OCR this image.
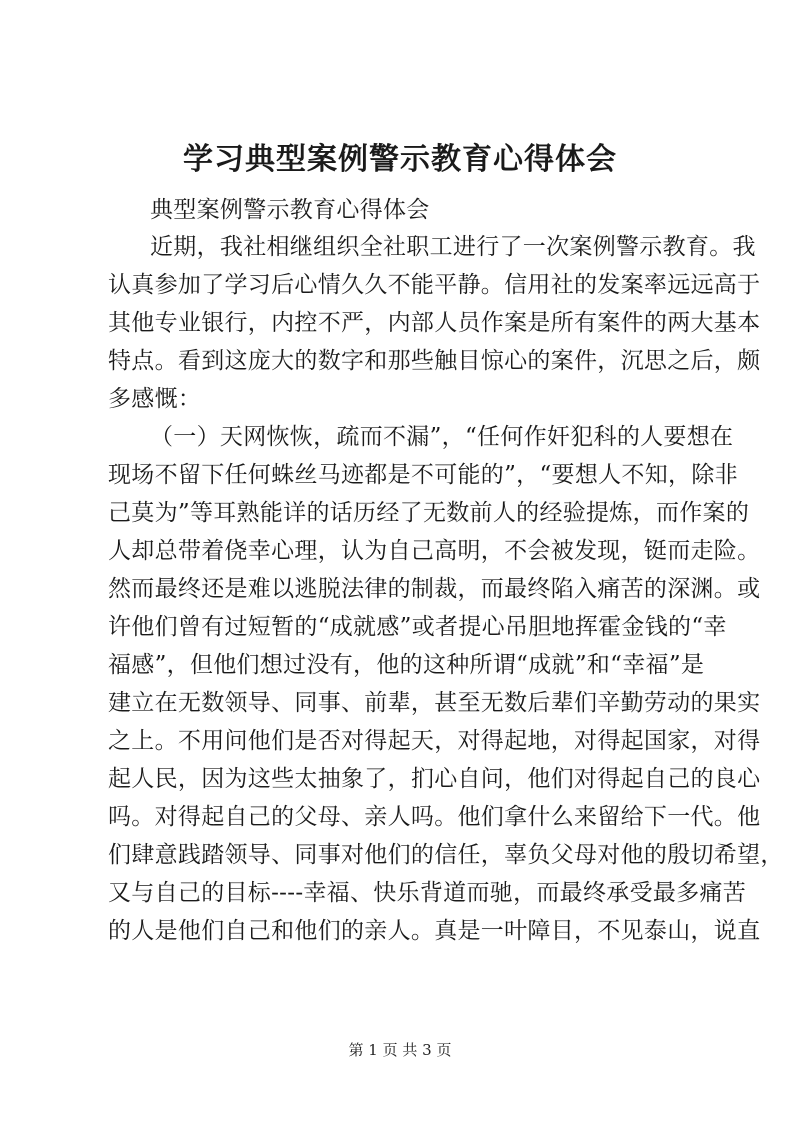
学习典型案例警示教育心得体会
典型案例警示教育心得体会
近期，我社相继组织全社职工进行了一次案例警示教育。我
认真参加了学习后心情久久不能平静。信用社的发案率远远高于
其他专业银行，内控不严，内部人员作案是所有案件的两大基本
特点。看到这庞大的数字和那些触目惊心的案件，沉思之后，颇
多感慨：
（一）天网恢恢，疏而不漏”，“任何作奸犯科的人要想在
现场不留下任何蛛丝马迹都是不可能的”，“要想人不知，除非
己莫为”等耳熟能详的话历经了无数前人的经验提炼，而作案的
人却总带着侥幸心理，认为自己高明，不会被发现，铤而走险。
然而最终还是难以逃脱法律的制裁，而最终陷入痛苦的深渊。或
许他们曾有过短暂的“成就感”或者提心吊胆地挥霍金钱的“幸
福感”，但他们想过没有，他的这种所谓“成就”和“幸福”是
建立在无数领导、同事、前辈，甚至无数后辈们辛勤劳动的果实
之上。不用问他们是否对得起天，对得起地，对得起国家，对得
起人民，因为这些太抽象了，扪心自问，他们对得起自己的良心
吗。对得起自己的父母、亲人吗。他们拿什么来留给下一代。他
们肆意践踏领导、同事对他们的信任，辜负父母对他的殷切希望，
又与自己的目标----幸福、快乐背道而驰，而最终承受最多痛苦
的人是他们自己和他们的亲人。真是一叶障目，不见泰山，说直
第 1 页 共 3 页
